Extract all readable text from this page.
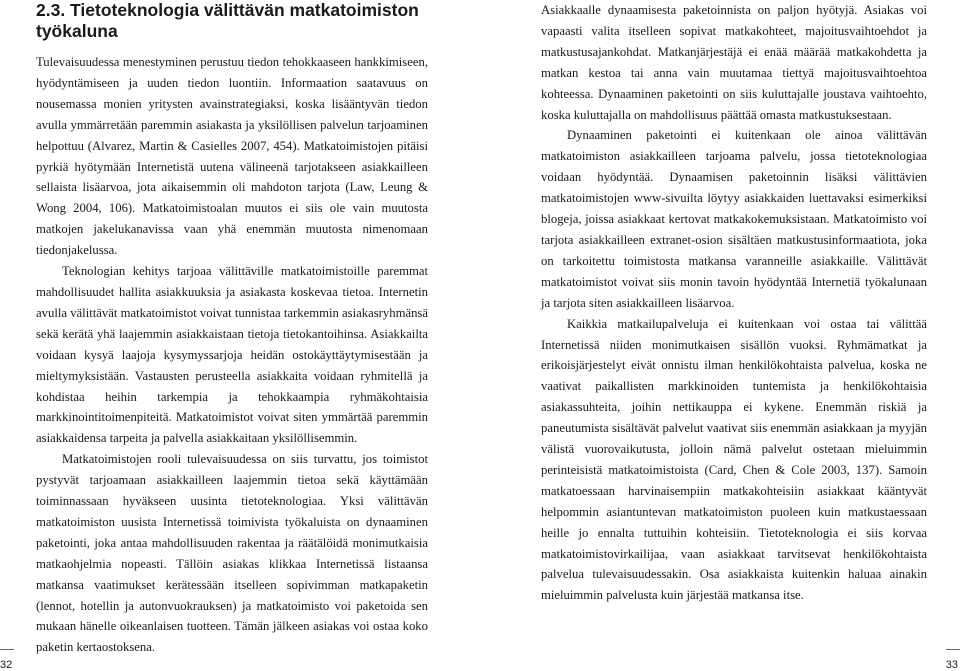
2.3. Tietoteknologia välittävän matkatoimiston työkaluna

Tulevaisuudessa menestyminen perustuu tiedon tehokkaaseen hankkimiseen, hyödyntämiseen ja uuden tiedon luontiin. Informaation saatavuus on nousemassa monien yritysten avainstrategiaksi, koska lisääntyvän tiedon avulla ymmärretään paremmin asiakasta ja yksilöllisen palvelun tarjoaminen helpottuu (Alvarez, Martin & Casielles 2007, 454). Matkatoimistojen pitäisi pyrkiä hyötymään Internetistä uutena välineenä tarjotakseen asiakkailleen sellaista lisäarvoa, jota aikaisemmin oli mahdoton tarjota (Law, Leung & Wong 2004, 106). Matkatoimistoalan muutos ei siis ole vain muutosta matkojen jakelukanavissa vaan yhä enemmän muutosta nimenomaan tiedonjakelussa.

Teknologian kehitys tarjoaa välittäville matkatoimistoille paremmat mahdollisuudet hallita asiakkuuksia ja asiakasta koskevaa tietoa. Internetin avulla välittävät matkatoimistot voivat tunnistaa tarkemmin asiakasryhmänsä sekä kerätä yhä laajemmin asiakkaistaan tietoja tietokantoihinsa. Asiakkailta voidaan kysyä laajoja kysymyssarjoja heidän ostokäyttäytymisestään ja mieltymyksistään. Vastausten perusteella asiakkaita voidaan ryhmitellä ja kohdistaa heihin tarkempia ja tehokkaampia ryhmäkohtaisia markkinointitoimenpiteitä. Matkatoimistot voivat siten ymmärtää paremmin asiakkaidensa tarpeita ja palvella asiakkaitaan yksilöllisemmin.

Matkatoimistojen rooli tulevaisuudessa on siis turvattu, jos toimistot pystyvät tarjoamaan asiakkailleen laajemmin tietoa sekä käyttämään toiminnassaan hyväkseen uusinta tietoteknologiaa. Yksi välittävän matkatoimiston uusista Internetissä toimivista työkaluista on dynaaminen paketointi, joka antaa mahdollisuuden rakentaa ja räätälöidä monimutkaisia matkaohjelmia nopeasti. Tällöin asiakas klikkaa Internetissä listaansa matkansa vaatimukset kerätessään itselleen sopivimman matkapaketin (lennot, hotellin ja autonvuokrauksen) ja matkatoimisto voi paketoida sen mukaan hänelle oikeanlaisen tuotteen. Tämän jälkeen asiakas voi ostaa koko paketin kertaostoksena.

Asiakkaalle dynaamisesta paketoinnista on paljon hyötyjä. Asiakas voi vapaasti valita itselleen sopivat matkakohteet, majoitusvaihtoehdot ja matkustusajankohdat. Matkanjärjestäjä ei enää määrää matkakohdetta ja matkan kestoa tai anna vain muutamaa tiettyä majoitusvaihtoehtoa kohteessa. Dynaaminen paketointi on siis kuluttajalle joustava vaihtoehto, koska kuluttajalla on mahdollisuus päättää omasta matkustuksestaan.

Dynaaminen paketointi ei kuitenkaan ole ainoa välittävän matkatoimiston asiakkailleen tarjoama palvelu, jossa tietoteknologiaa voidaan hyödyntää. Dynaamisen paketoinnin lisäksi välittävien matkatoimistojen www-sivuilta löytyy asiakkaiden luettavaksi esimerkiksi blogeja, joissa asiakkaat kertovat matkakokemuksistaan. Matkatoimisto voi tarjota asiakkailleen extranet-osion sisältäen matkustusinformaatiota, joka on tarkoitettu toimistosta matkansa varanneille asiakkaille. Välittävät matkatoimistot voivat siis monin tavoin hyödyntää Internetiä työkalunaan ja tarjota siten asiakkailleen lisäarvoa.

Kaikkia matkailupalveluja ei kuitenkaan voi ostaa tai välittää Internetissä niiden monimutkaisen sisällön vuoksi. Ryhmämatkat ja erikoisjärjestelyt eivät onnistu ilman henkilökohtaista palvelua, koska ne vaativat paikallisten markkinoiden tuntemista ja henkilökohtaisia asiakassuhteita, joihin nettikauppa ei kykene. Enemmän riskiä ja paneutumista sisältävät palvelut vaativat siis enemmän asiakkaan ja myyjän välistä vuorovaikutusta, jolloin nämä palvelut ostetaan mieluimmin perinteisistä matkatoimistoista (Card, Chen & Cole 2003, 137). Samoin matkatoessaan harvinaisempiin matkakohteisiin asiakkaat kääntyvät helpommin asiantuntevan matkatoimiston puoleen kuin matkustaessaan heille jo ennalta tuttuihin kohteisiin. Tietoteknologia ei siis korvaa matkatoimistovirkailijaa, vaan asiakkaat tarvitsevat henkilökohtaista palvelua tulevaisuudessakin. Osa asiakkaista kuitenkin haluaa ainakin mieluimmin palvelusta kuin järjestää matkansa itse.

32	33
